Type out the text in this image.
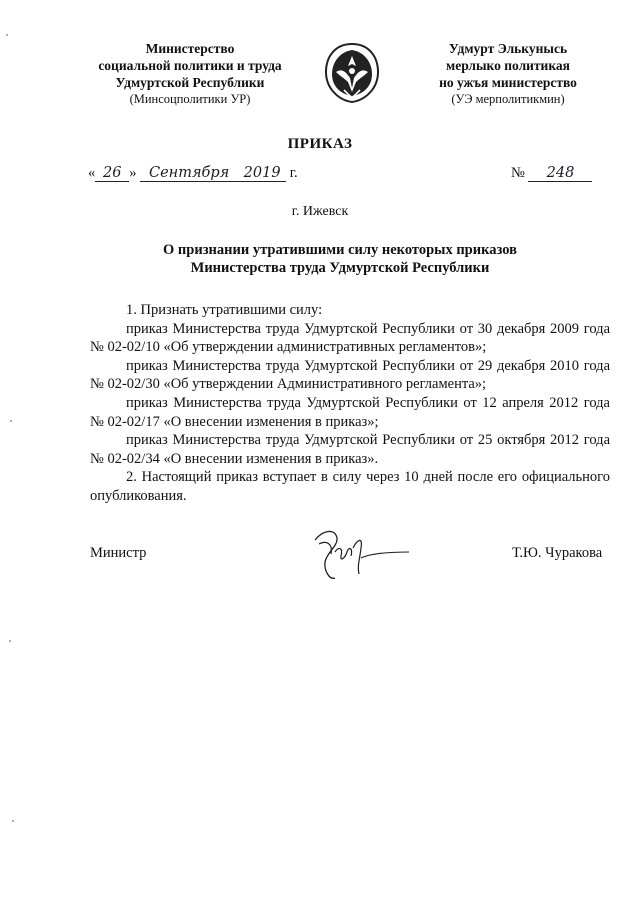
Министерство
социальной политики и труда
Удмуртской Республики
(Минсоцполитики УР)
Удмурт Элькунысь
мерлыко политикая
но ужъя министерство
(УЭ мерполитикмин)
ПРИКАЗ
« 26 » Сентября 2019 г.	№ 248
г. Ижевск
О признании утратившими силу некоторых приказов
Министерства труда Удмуртской Республики

1. Признать утратившими силу:

приказ Министерства труда Удмуртской Республики от 30 декабря 2009 года № 02-02/10 «Об утверждении административных регламентов»;

приказ Министерства труда Удмуртской Республики от 29 декабря 2010 года № 02-02/30 «Об утверждении Административного регламента»;

приказ Министерства труда Удмуртской Республики от 12 апреля 2012 года № 02-02/17 «О внесении изменения в приказ»;

приказ Министерства труда Удмуртской Республики от 25 октября 2012 года № 02-02/34 «О внесении изменения в приказ».

2. Настоящий приказ вступает в силу через 10 дней после его официального опубликования.

Министр	Т.Ю. Чуракова
